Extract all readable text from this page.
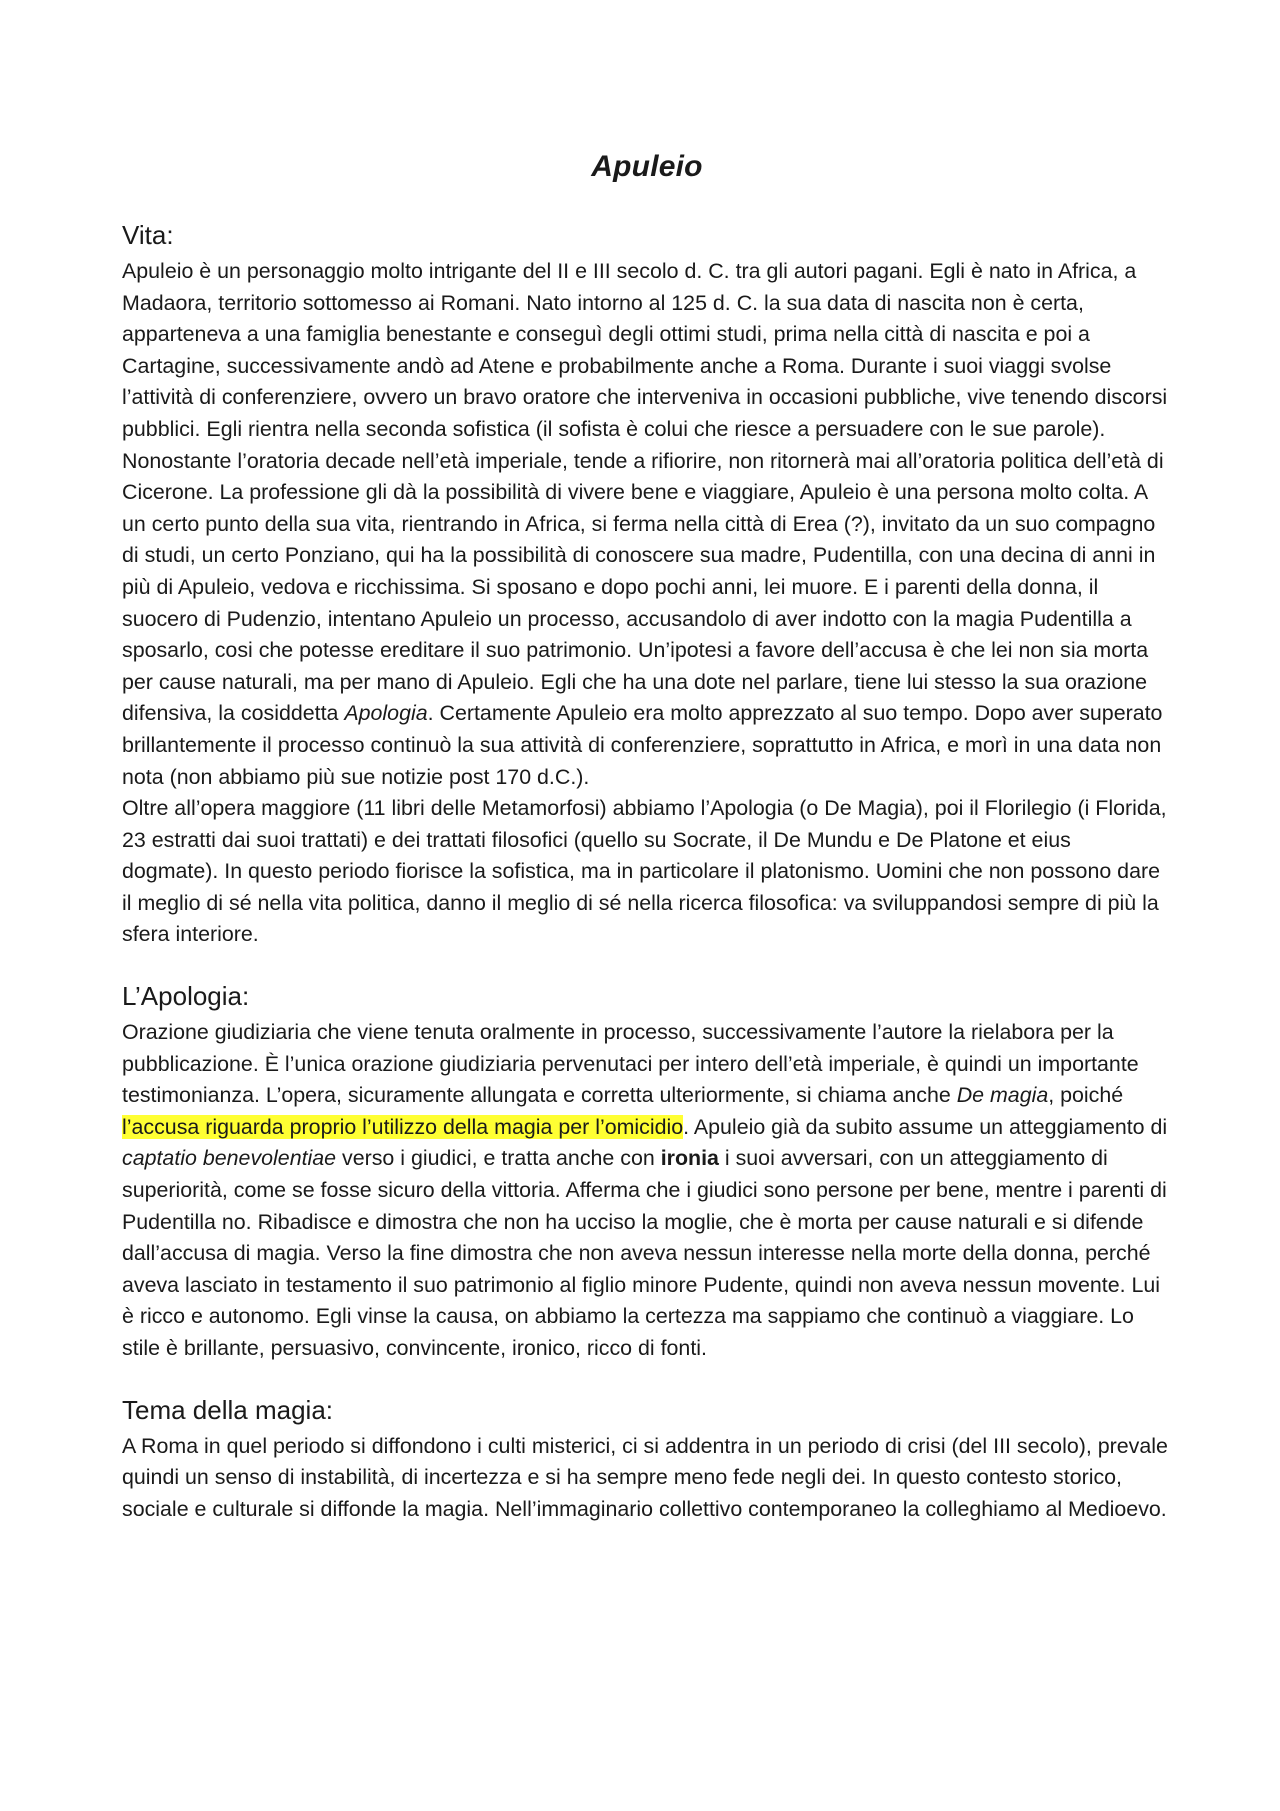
Apuleio
Vita:

Apuleio è un personaggio molto intrigante del II e III secolo d. C. tra gli autori pagani. Egli è nato in Africa, a Madaora, territorio sottomesso ai Romani. Nato intorno al 125 d. C. la sua data di nascita non è certa, apparteneva a una famiglia benestante e conseguì degli ottimi studi, prima nella città di nascita e poi a Cartagine, successivamente andò ad Atene e probabilmente anche a Roma. Durante i suoi viaggi svolse l’attività di conferenziere, ovvero un bravo oratore che interveniva in occasioni pubbliche, vive tenendo discorsi pubblici. Egli rientra nella seconda sofistica (il sofista è colui che riesce a persuadere con le sue parole). Nonostante l’oratoria decade nell’età imperiale, tende a rifiorire, non ritornerà mai all’oratoria politica dell’età di Cicerone. La professione gli dà la possibilità di vivere bene e viaggiare, Apuleio è una persona molto colta. A un certo punto della sua vita, rientrando in Africa, si ferma nella città di Erea (?), invitato da un suo compagno di studi, un certo Ponziano, qui ha la possibilità di conoscere sua madre, Pudentilla, con una decina di anni in più di Apuleio, vedova e ricchissima. Si sposano e dopo pochi anni, lei muore. E i parenti della donna, il suocero di Pudenzio, intentano Apuleio un processo, accusandolo di aver indotto con la magia Pudentilla a sposarlo, cosi che potesse ereditare il suo patrimonio. Un’ipotesi a favore dell’accusa è che lei non sia morta per cause naturali, ma per mano di Apuleio. Egli che ha una dote nel parlare, tiene lui stesso la sua orazione difensiva, la cosiddetta Apologia. Certamente Apuleio era molto apprezzato al suo tempo. Dopo aver superato brillantemente il processo continuò la sua attività di conferenziere, soprattutto in Africa, e morì in una data non nota (non abbiamo più sue notizie post 170 d.C.).

Oltre all’opera maggiore (11 libri delle Metamorfosi) abbiamo l’Apologia (o De Magia), poi il Florilegio (i Florida, 23 estratti dai suoi trattati) e dei trattati filosofici (quello su Socrate, il De Mundu e De Platone et eius dogmate). In questo periodo fiorisce la sofistica, ma in particolare il platonismo. Uomini che non possono dare il meglio di sé nella vita politica, danno il meglio di sé nella ricerca filosofica: va sviluppandosi sempre di più la sfera interiore.

L’Apologia:

Orazione giudiziaria che viene tenuta oralmente in processo, successivamente l’autore la rielabora per la pubblicazione. È l’unica orazione giudiziaria pervenutaci per intero dell’età imperiale, è quindi un importante testimonianza. L’opera, sicuramente allungata e corretta ulteriormente, si chiama anche De magia, poiché l’accusa riguarda proprio l’utilizzo della magia per l’omicidio. Apuleio già da subito assume un atteggiamento di captatio benevolentiae verso i giudici, e tratta anche con ironia i suoi avversari, con un atteggiamento di superiorità, come se fosse sicuro della vittoria. Afferma che i giudici sono persone per bene, mentre i parenti di Pudentilla no. Ribadisce e dimostra che non ha ucciso la moglie, che è morta per cause naturali e si difende dall’accusa di magia. Verso la fine dimostra che non aveva nessun interesse nella morte della donna, perché aveva lasciato in testamento il suo patrimonio al figlio minore Pudente, quindi non aveva nessun movente. Lui è ricco e autonomo. Egli vinse la causa, on abbiamo la certezza ma sappiamo che continuò a viaggiare. Lo stile è brillante, persuasivo, convincente, ironico, ricco di fonti.

Tema della magia:

A Roma in quel periodo si diffondono i culti misterici, ci si addentra in un periodo di crisi (del III secolo), prevale quindi un senso di instabilità, di incertezza e si ha sempre meno fede negli dei. In questo contesto storico, sociale e culturale si diffonde la magia. Nell’immaginario collettivo contemporaneo la colleghiamo al Medioevo.
